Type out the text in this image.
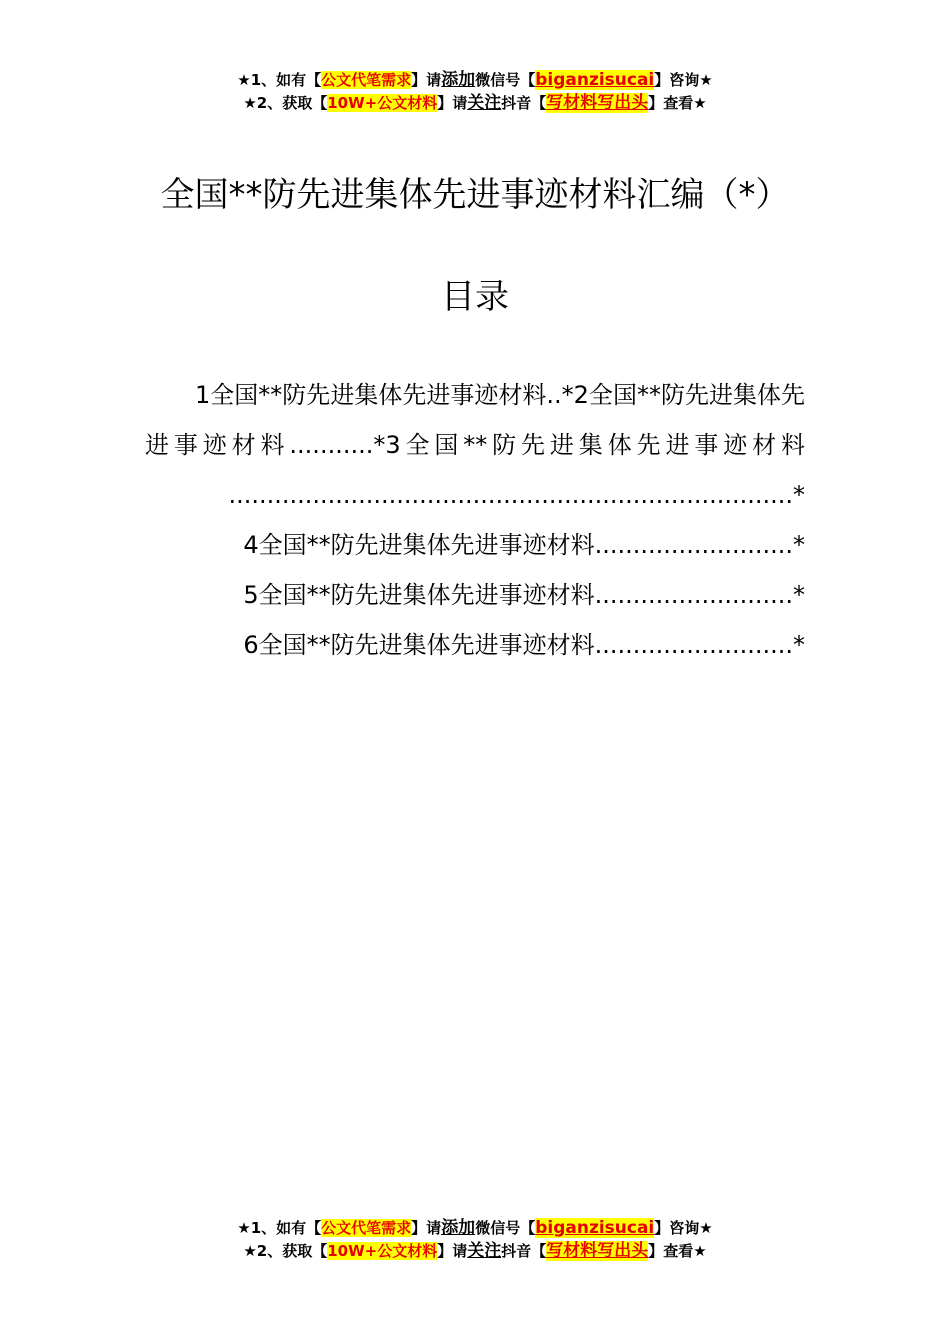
★1、如有【公文代笔需求】请添加微信号【biganzisucai】咨询★
★2、获取【10W+公文材料】请关注抖音【写材料写出头】查看★
全国**防先进集体先进事迹材料汇编（*）
目录
1全国**防先进集体先进事迹材料..*2全国**防先进集体先进事迹材料...........*3全国**防先进集体先进事迹材料
..........................................................................*
4全国**防先进集体先进事迹材料..........................*
5全国**防先进集体先进事迹材料..........................*
6全国**防先进集体先进事迹材料..........................*
★1、如有【公文代笔需求】请添加微信号【biganzisucai】咨询★
★2、获取【10W+公文材料】请关注抖音【写材料写出头】查看★
